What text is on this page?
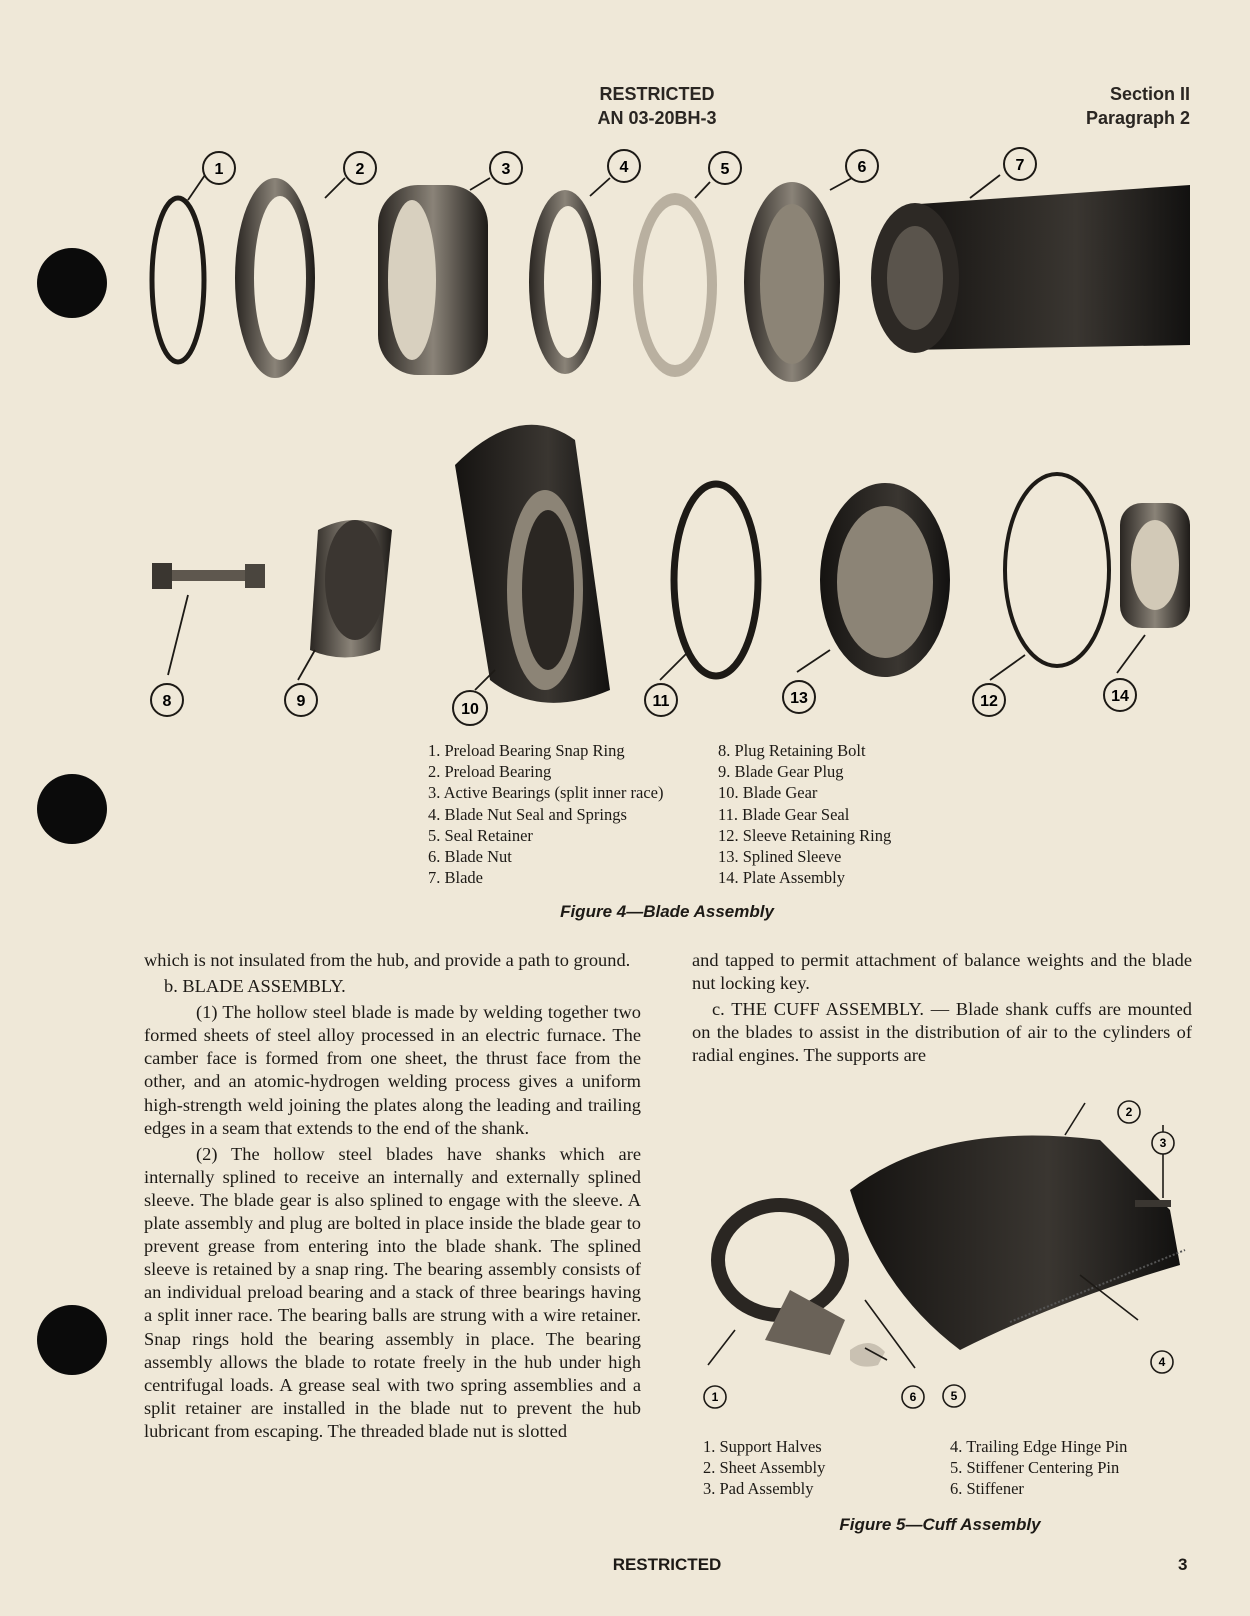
RESTRICTED
AN 03-20BH-3
Section II
Paragraph 2
1	2	3	4	5	6	7
8	9	10	11	13	12	14
1. Preload Bearing Snap Ring
2. Preload Bearing
3. Active Bearings (split inner race)
4. Blade Nut Seal and Springs
5. Seal Retainer
6. Blade Nut
7. Blade
8. Plug Retaining Bolt
9. Blade Gear Plug
10. Blade Gear
11. Blade Gear Seal
12. Sleeve Retaining Ring
13. Splined Sleeve
14. Plate Assembly
Figure 4—Blade Assembly

which is not insulated from the hub, and provide a path to ground.

b. BLADE ASSEMBLY.

(1) The hollow steel blade is made by welding together two formed sheets of steel alloy processed in an electric furnace. The camber face is formed from one sheet, the thrust face from the other, and an atomic-hydrogen welding process gives a uniform high-strength weld joining the plates along the leading and trailing edges in a seam that extends to the end of the shank.

(2) The hollow steel blades have shanks which are internally splined to receive an internally and externally splined sleeve. The blade gear is also splined to engage with the sleeve. A plate assembly and plug are bolted in place inside the blade gear to prevent grease from entering into the blade shank. The splined sleeve is retained by a snap ring. The bearing assembly consists of an individual preload bearing and a stack of three bearings having a split inner race. The bearing balls are strung with a wire retainer. Snap rings hold the bearing assembly in place. The bearing assembly allows the blade to rotate freely in the hub under high centrifugal loads. A grease seal with two spring assemblies and a split retainer are installed in the blade nut to prevent the hub lubricant from escaping. The threaded blade nut is slotted

and tapped to permit attachment of balance weights and the blade nut locking key.

c. THE CUFF ASSEMBLY. — Blade shank cuffs are mounted on the blades to assist in the distribution of air to the cylinders of radial engines. The supports are

1
2
3
4
5
6
1. Support Halves
2. Sheet Assembly
3. Pad Assembly
4. Trailing Edge Hinge Pin
5. Stiffener Centering Pin
6. Stiffener
Figure 5—Cuff Assembly
RESTRICTED	3
